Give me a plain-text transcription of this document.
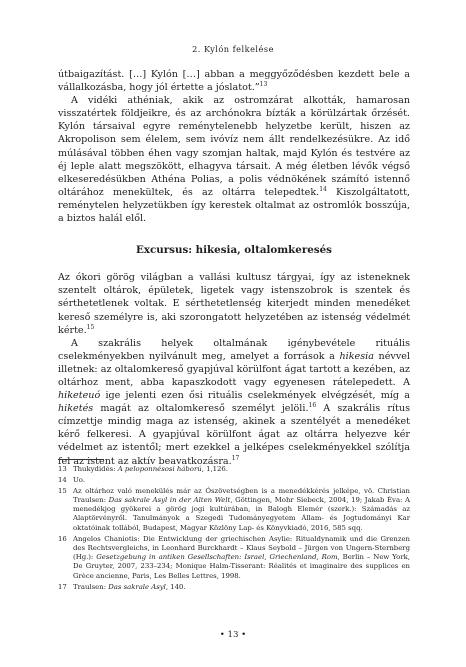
2. Kylón felkelése

útbaigazítást. […] Kylón […] abban a meggyőződésben kezdett bele a vállalkozásba, hogy jól értette a jóslatot.”$^{13}$

A vidéki athéniak, akik az ostromzárat alkották, hamarosan visszatértek földjeikre, és az archónokra bízták a körülzártak őrzését. Kylón társaival egyre reménytelenebb helyzetbe került, hiszen az Akropolison sem élelem, sem ivóvíz nem állt rendelkezésükre. Az idő múlásával többen éhen vagy szomjan haltak, majd Kylón és testvére az éj leple alatt megszökött, elhagyva társait. A még életben lévők végső elkeseredésükben Athéna Polias, a polis védnökének számító istennő oltárához menekültek, és az oltárra telepedtek.$^{14}$ Kiszolgáltatott, reménytelen helyzetükben így kerestek oltalmat az ostromlók bosszúja, a biztos halál elől.

Excursus: hikesia, oltalomkeresés

Az ókori görög világban a vallási kultusz tárgyai, így az isteneknek szentelt oltárok, épületek, ligetek vagy istenszobrok is szentek és sérthetetlenek voltak. E sérthetetlenség kiterjedt minden menedéket kereső személyre is, aki szorongatott helyzetében az istenség védelmét kérte.$^{15}$

A szakrális helyek oltalmának igénybevétele rituális cselekményekben nyilvánult meg, amelyet a források a hikesia névvel illetnek: az oltalomkereső gyapjúval körülfont ágat tartott a kezében, az oltárhoz ment, abba kapaszkodott vagy egyenesen rátelepedett. A hiketeuó ige jelenti ezen ősi rituális cselekmények elvégzését, míg a hiketés magát az oltalomkereső személyt jelöli.$^{16}$ A szakrális rítus címzettje mindig maga az istenség, akinek a szentélyét a menedéket kérő felkeresi. A gyapjúval körülfont ágat az oltárra helyezve kér védelmet az istentől; mert ezekkel a jelképes cselekményekkel szólítja fel az istent az aktív beavatkozásra.$^{17}$

13 Thukydidés: A peloponnésosi háború, 1,126.
14 Uo.
15 Az oltárhoz való menekülés már az Ószövetségben is a menedékkérés jelképe, vö. Christian Traulsen: Das sakrale Asyl in der Alten Welt, Göttingen, Mohr Siebeck, 2004, 19; Jakab Éva: A menedékjog gyökerei a görög jogi kultúrában, in Balogh Elemér (szerk.): Számadás az Alaptörvényről. Tanulmányok a Szegedi Tudományegyetem Állam- és Jogtudományi Kar oktatóinak tollából, Budapest, Magyar Közlöny Lap- és Könyvkiadó, 2016, 585 sqq.
16 Angelos Chaniotis: Die Entwicklung der griechischen Asylie: Ritualdynamik und die Grenzen des Rechtsvergleichs, in Leonhard Burckhardt – Klaus Seybold – Jürgen von Ungern-Sternberg (Hg.): Gesetzgebung in antiken Gesellschaften: Israel, Griechenland, Rom, Berlin – New York, De Gruyter, 2007, 233–234; Monique Halm-Tisserant: Réalités et imaginaire des supplices en Grèce ancienne, Paris, Les Belles Lettres, 1998.
17 Traulsen: Das sakrale Asyl, 140.
• 13 •
